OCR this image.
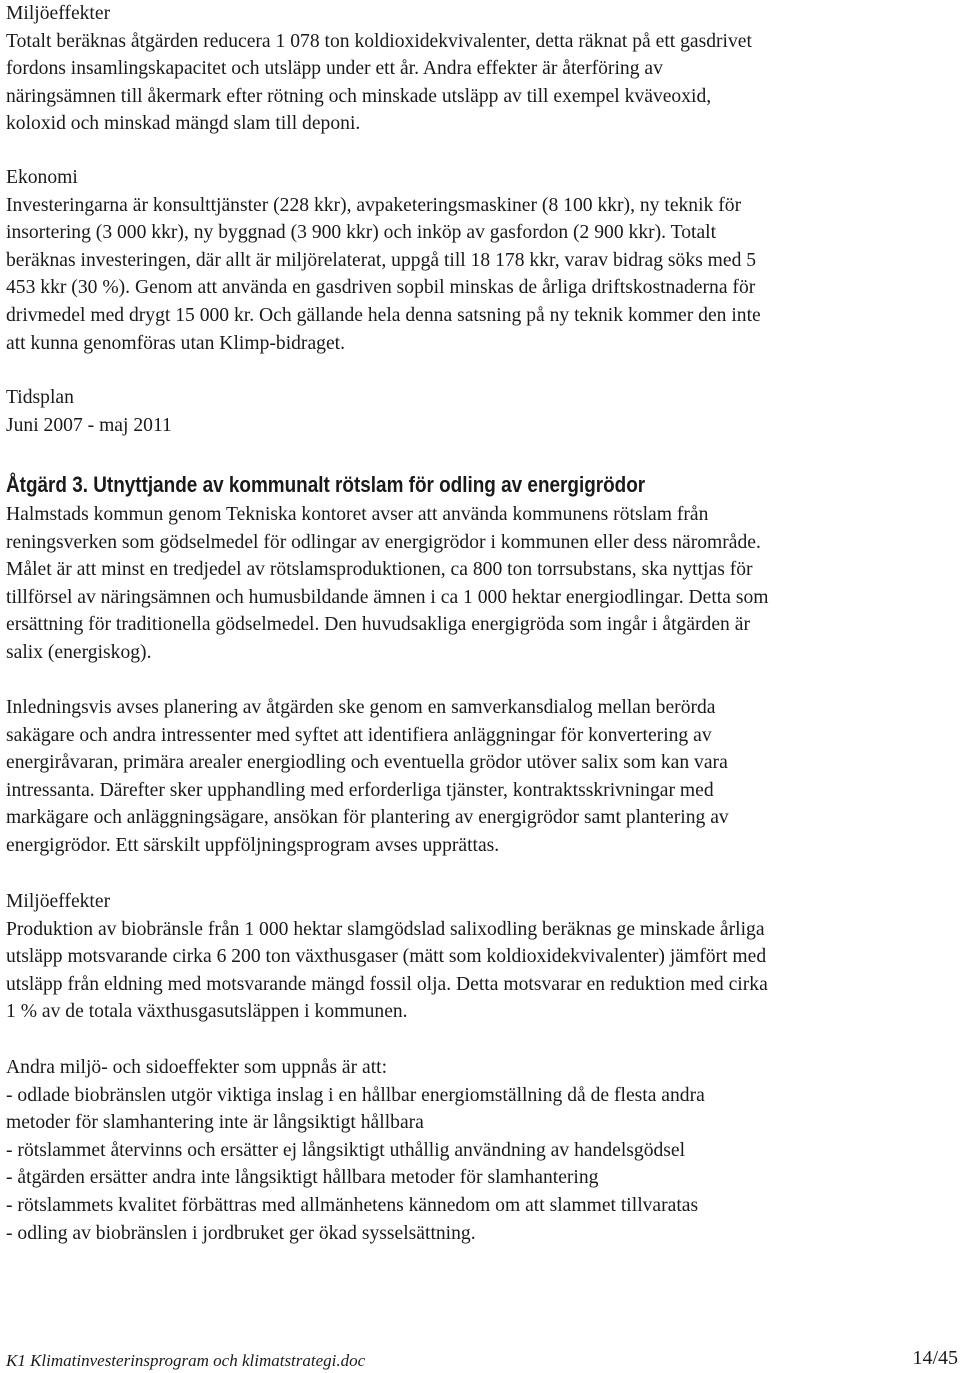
Miljöeffekter
Totalt beräknas åtgärden reducera 1 078 ton koldioxidekvivalenter, detta räknat på ett gasdrivet
fordons insamlingskapacitet och utsläpp under ett år. Andra effekter är återföring av
näringsämnen till åkermark efter rötning och minskade utsläpp av till exempel kväveoxid,
koloxid och minskad mängd slam till deponi.
Ekonomi
Investeringarna är konsulttjänster (228 kkr), avpaketeringsmaskiner (8 100 kkr), ny teknik för
insortering (3 000 kkr), ny byggnad (3 900 kkr) och inköp av gasfordon (2 900 kkr). Totalt
beräknas investeringen, där allt är miljörelaterat, uppgå till 18 178 kkr, varav bidrag söks med 5
453 kkr (30 %). Genom att använda en gasdriven sopbil minskas de årliga driftskostnaderna för
drivmedel med drygt 15 000 kr. Och gällande hela denna satsning på ny teknik kommer den inte
att kunna genomföras utan Klimp-bidraget.
Tidsplan
Juni 2007 - maj 2011
Åtgärd 3. Utnyttjande av kommunalt rötslam för odling av energigrödor
Halmstads kommun genom Tekniska kontoret avser att använda kommunens rötslam från
reningsverken som gödselmedel för odlingar av energigrödor i kommunen eller dess närområde.
Målet är att minst en tredjedel av rötslamsproduktionen, ca 800 ton torrsubstans, ska nyttjas för
tillförsel av näringsämnen och humusbildande ämnen i ca 1 000 hektar energiodlingar. Detta som
ersättning för traditionella gödselmedel. Den huvudsakliga energigröda som ingår i åtgärden är
salix (energiskog).
Inledningsvis avses planering av åtgärden ske genom en samverkansdialog mellan berörda
sakägare och andra intressenter med syftet att identifiera anläggningar för konvertering av
energiråvaran, primära arealer energiodling och eventuella grödor utöver salix som kan vara
intressanta. Därefter sker upphandling med erforderliga tjänster, kontraktsskrivningar med
markägare och anläggningsägare, ansökan för plantering av energigrödor samt plantering av
energigrödor. Ett särskilt uppföljningsprogram avses upprättas.
Miljöeffekter
Produktion av biobränsle från 1 000 hektar slamgödslad salixodling beräknas ge minskade årliga
utsläpp motsvarande cirka 6 200 ton växthusgaser (mätt som koldioxidekvivalenter) jämfört med
utsläpp från eldning med motsvarande mängd fossil olja. Detta motsvarar en reduktion med cirka
1 % av de totala växthusgasutsläppen i kommunen.
Andra miljö- och sidoeffekter som uppnås är att:
- odlade biobränslen utgör viktiga inslag i en hållbar energiomställning då de flesta andra
metoder för slamhantering inte är långsiktigt hållbara
- rötslammet återvinns och ersätter ej långsiktigt uthållig användning av handelsgödsel
- åtgärden ersätter andra inte långsiktigt hållbara metoder för slamhantering
- rötslammets kvalitet förbättras med allmänhetens kännedom om att slammet tillvaratas
- odling av biobränslen i jordbruket ger ökad sysselsättning.
K1 Klimatinvesterinsprogram och klimatstrategi.doc	14/45
